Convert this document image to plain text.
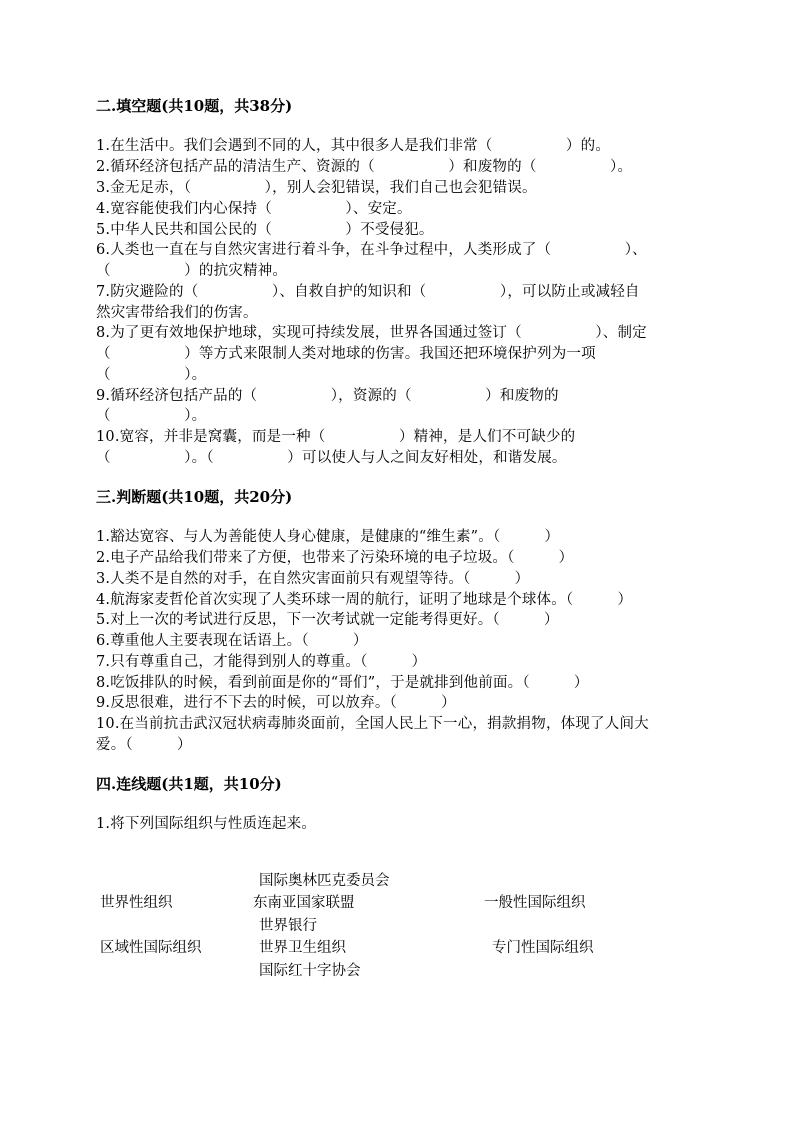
二.填空题(共10题，共38分)
1.在生活中。我们会遇到不同的人，其中很多人是我们非常（　　　　　）的。
2.循环经济包括产品的清洁生产、资源的（　　　　　）和废物的（　　　　　）。
3.金无足赤，（　　　　　），别人会犯错误，我们自己也会犯错误。
4.宽容能使我们内心保持（　　　　　）、安定。
5.中华人民共和国公民的（　　　　　）不受侵犯。
6.人类也一直在与自然灾害进行着斗争，在斗争过程中，人类形成了（　　　　　）、
（　　　　　）的抗灾精神。
7.防灾避险的（　　　　　）、自救自护的知识和（　　　　　），可以防止或减轻自
然灾害带给我们的伤害。
8.为了更有效地保护地球，实现可持续发展，世界各国通过签订（　　　　　）、制定
（　　　　　）等方式来限制人类对地球的伤害。我国还把环境保护列为一项
（　　　　　）。
9.循环经济包括产品的（　　　　　），资源的（　　　　　）和废物的
（　　　　　）。
10.宽容，并非是窝囊，而是一种（　　　　　）精神，是人们不可缺少的
（　　　　　）。（　　　　　）可以使人与人之间友好相处，和谐发展。
三.判断题(共10题，共20分)
1.豁达宽容、与人为善能使人身心健康，是健康的“维生素”。（　　　）
2.电子产品给我们带来了方便，也带来了污染环境的电子垃圾。（　　　）
3.人类不是自然的对手，在自然灾害面前只有观望等待。（　　　）
4.航海家麦哲伦首次实现了人类环球一周的航行，证明了地球是个球体。（　　　）
5.对上一次的考试进行反思，下一次考试就一定能考得更好。（　　　）
6.尊重他人主要表现在话语上。（　　　）
7.只有尊重自己，才能得到别人的尊重。（　　　）
8.吃饭排队的时候，看到前面是你的“哥们”，于是就排到他前面。（　　　）
9.反思很难，进行不下去的时候，可以放弃。（　　　）
10.在当前抗击武汉冠状病毒肺炎面前，全国人民上下一心，捐款捐物，体现了人间大
爱。（　　　）
四.连线题(共1题，共10分)
1.将下列国际组织与性质连起来。
国际奥林匹克委员会
世界性组织	东南亚国家联盟	一般性国际组织
世界银行
区域性国际组织	世界卫生组织	专门性国际组织
国际红十字协会
